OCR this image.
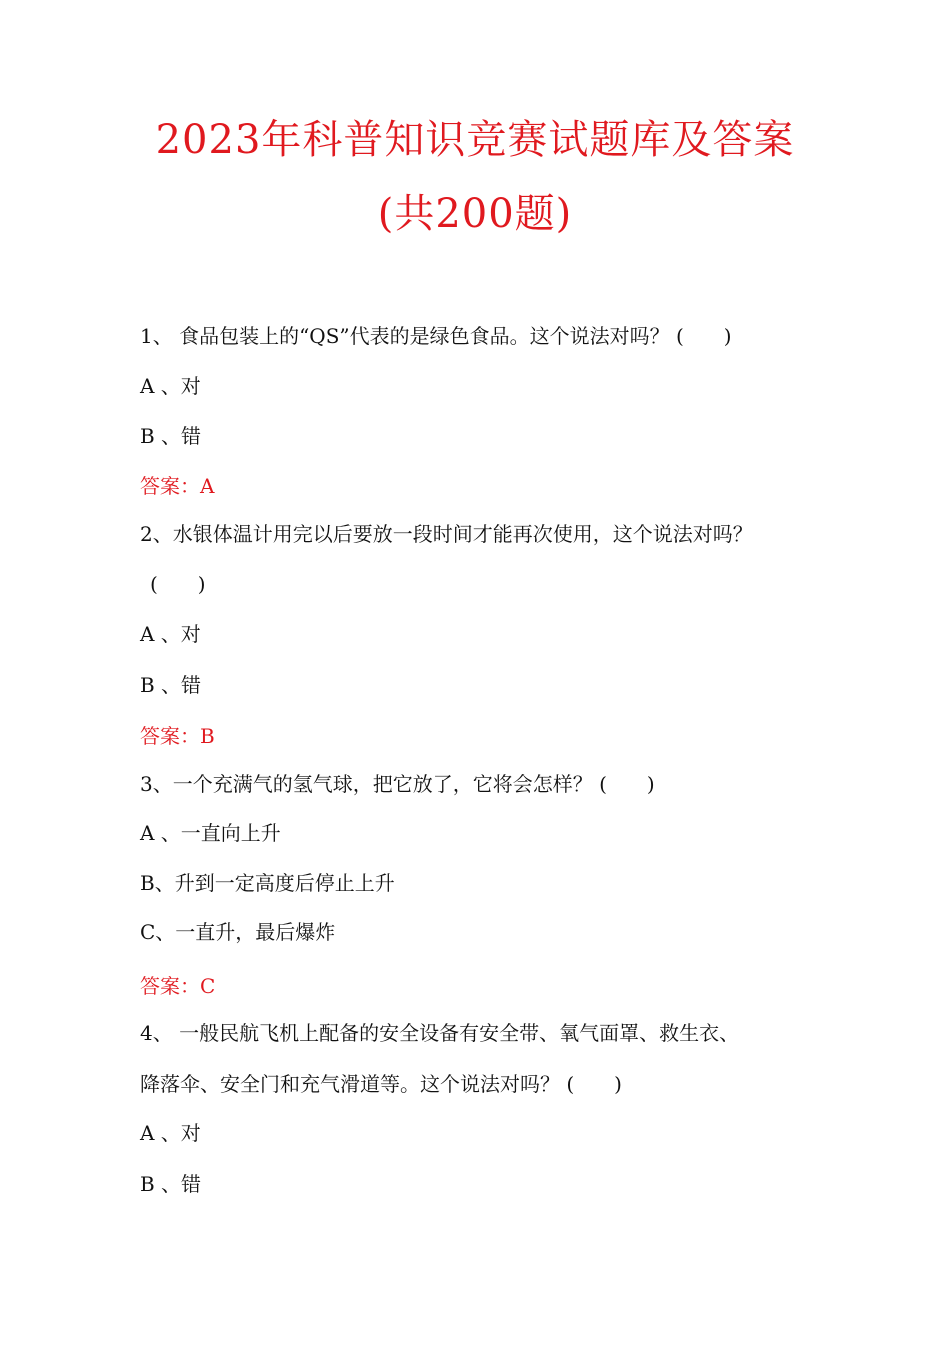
2023年科普知识竞赛试题库及答案
(共200题)
1、 食品包装上的“QS”代表的是绿色食品。这个说法对吗？ (　　)
A 、对
B 、错
答案：A
2、水银体温计用完以后要放一段时间才能再次使用，这个说法对吗？
(　　)
A 、对
B 、错
答案：B
3、一个充满气的氢气球，把它放了，它将会怎样？ (　　)
A 、一直向上升
B、升到一定高度后停止上升
C、一直升，最后爆炸
答案：C
4、 一般民航飞机上配备的安全设备有安全带、氧气面罩、救生衣、
降落伞、安全门和充气滑道等。这个说法对吗？ (　　)
A 、对
B 、错
